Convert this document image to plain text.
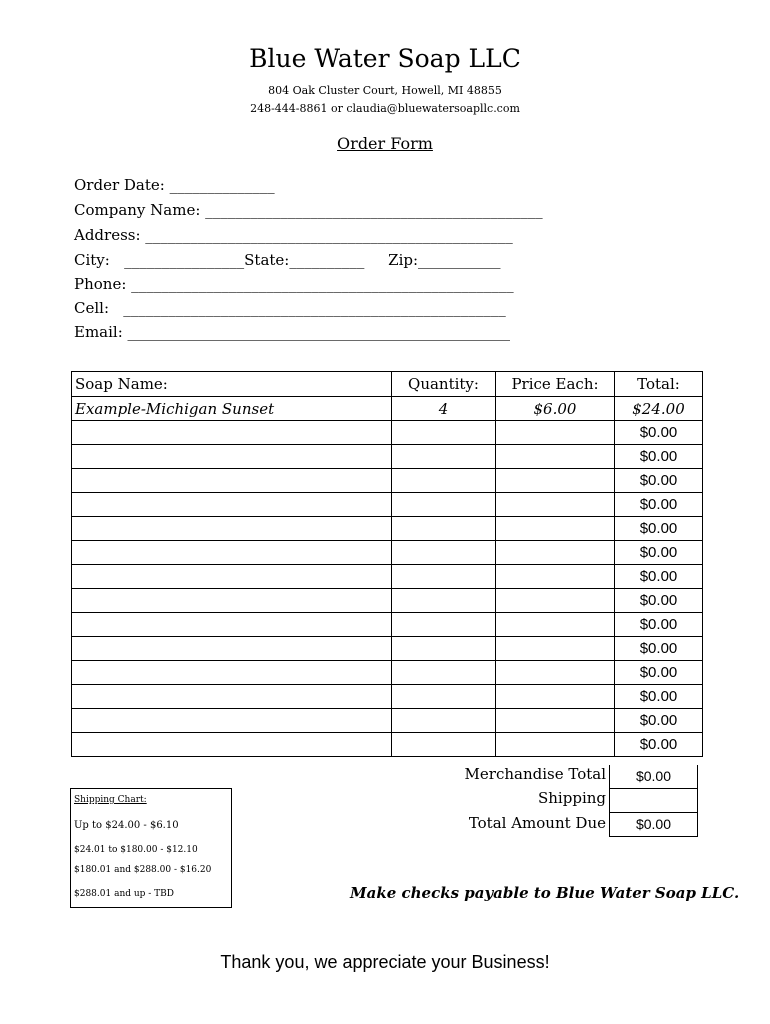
Blue Water Soap LLC
804 Oak Cluster Court, Howell, MI 48855
248-444-8861 or claudia@bluewatersoapllc.com
Order Form
Order Date: ______________
Company Name: _____________________________________________
Address: _________________________________________________
City:   ________________State:__________     Zip:___________
Phone: ___________________________________________________
Cell:   ___________________________________________________
Email: ___________________________________________________
Soap Name:	Quantity:	Price Each:	Total:
Example-Michigan Sunset	4	$6.00	$24.00
			$0.00
			$0.00
			$0.00
			$0.00
			$0.00
			$0.00
			$0.00
			$0.00
			$0.00
			$0.00
			$0.00
			$0.00
			$0.00
			$0.00
Merchandise Total	$0.00
Shipping
Total Amount Due	$0.00
Shipping Chart:
Up to $24.00 - $6.10
$24.01 to $180.00 - $12.10
$180.01 and $288.00 - $16.20
$288.01 and up - TBD	Make checks payable to Blue Water Soap LLC.
Thank you, we appreciate your Business!
